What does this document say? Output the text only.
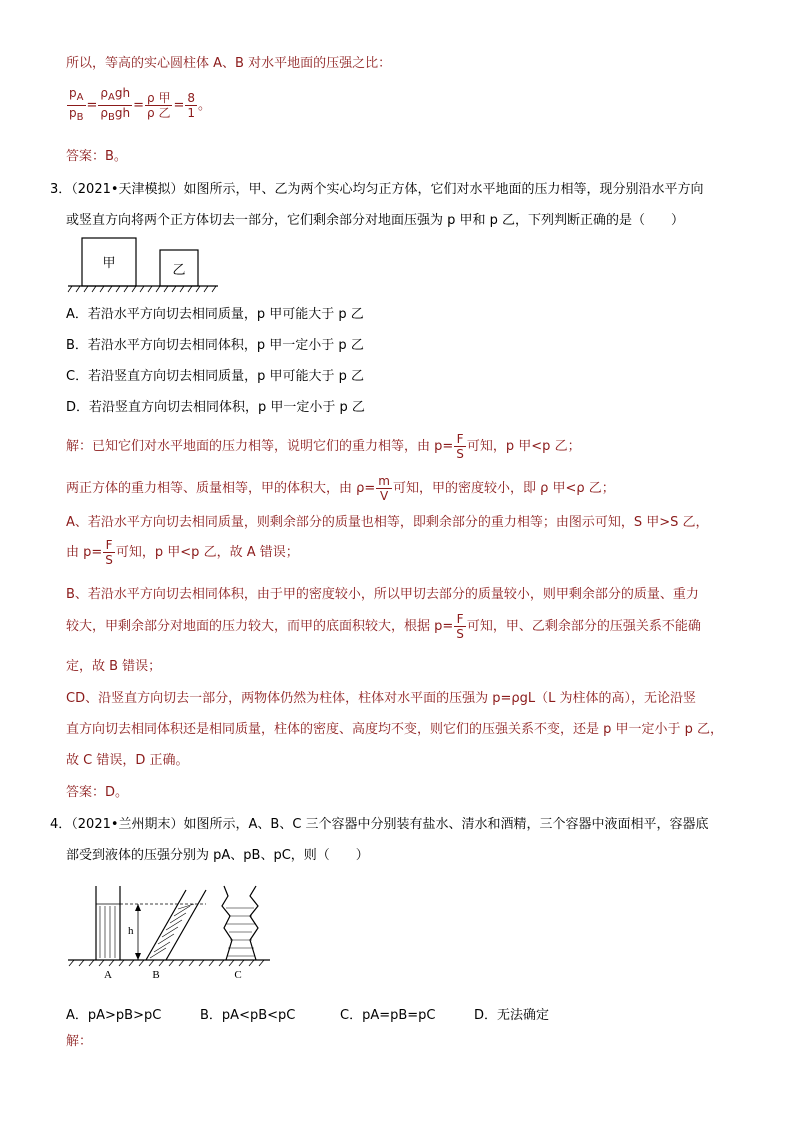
所以，等高的实心圆柱体 A、B 对水平地面的压强之比：
$\frac{p_A}{p_B} = \frac{\rho_Agh}{\rho_Bgh} = \frac{\text{ρ 甲}}{\text{ρ 乙}} = \frac{8}{1}$ 。
答案：B。
3．（2021•天津模拟）如图所示，甲、乙为两个实心均匀正方体，它们对水平地面的压力相等，现分别沿水平方向
或竖直方向将两个正方体切去一部分，它们剩余部分对地面压强为 p 甲和 p 乙，下列判断正确的是（　　）
甲	乙
A．若沿水平方向切去相同质量，p 甲可能大于 p 乙
B．若沿水平方向切去相同体积，p 甲一定小于 p 乙
C．若沿竖直方向切去相同质量，p 甲可能大于 p 乙
D．若沿竖直方向切去相同体积，p 甲一定小于 p 乙
解：已知它们对水平地面的压力相等，说明它们的重力相等，由 $p= \frac{F}{S}$ 可知，p 甲<p 乙；
两正方体的重力相等、质量相等，甲的体积大，由 $\rho= \frac{m}{V}$ 可知，甲的密度较小，即 ρ 甲<ρ 乙；
A、若沿水平方向切去相同质量，则剩余部分的质量也相等，即剩余部分的重力相等；由图示可知，S 甲>S 乙，
由 $p= \frac{F}{S}$ 可知，p 甲<p 乙，故 A 错误；
B、若沿水平方向切去相同体积，由于甲的密度较小，所以甲切去部分的质量较小，则甲剩余部分的质量、重力
较大，甲剩余部分对地面的压力较大，而甲的底面积较大，根据 $p= \frac{F}{S}$ 可知，甲、乙剩余部分的压强关系不能确
定，故 B 错误；
CD、沿竖直方向切去一部分，两物体仍然为柱体，柱体对水平面的压强为 p=ρgL（L 为柱体的高），无论沿竖
直方向切去相同体积还是相同质量，柱体的密度、高度均不变，则它们的压强关系不变，还是 p 甲一定小于 p 乙，
故 C 错误，D 正确。
答案：D。
4．（2021•兰州期末）如图所示，A、B、C 三个容器中分别装有盐水、清水和酒精，三个容器中液面相平，容器底
部受到液体的压强分别为 pA、pB、pC，则（　　）
h
A	B	C
A．pA>pB>pC	B．pA<pB<pC	C．pA=pB=pC	D．无法确定
解：
